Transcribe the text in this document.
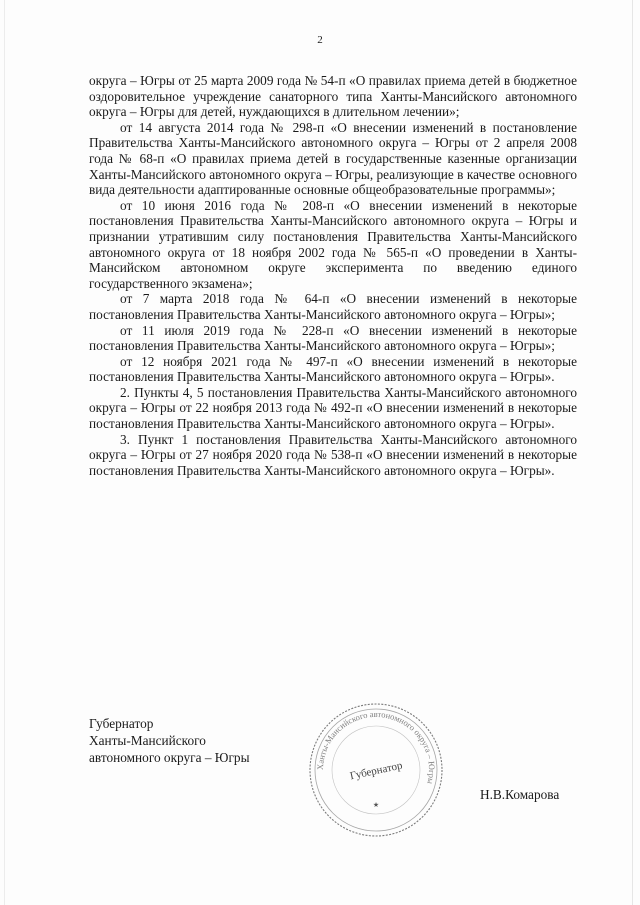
2

округа – Югры от 25 марта 2009 года № 54-п «О правилах приема детей в бюджетное оздоровительное учреждение санаторного типа Ханты-Мансийского автономного округа – Югры для детей, нуждающихся в длительном лечении»;

от 14 августа 2014 года № 298-п «О внесении изменений в постановление Правительства Ханты-Мансийского автономного округа – Югры от 2 апреля 2008 года № 68-п «О правилах приема детей в государственные казенные организации Ханты-Мансийского автономного округа – Югры, реализующие в качестве основного вида деятельности адаптированные основные общеобразовательные программы»;

от 10 июня 2016 года № 208-п «О внесении изменений в некоторые постановления Правительства Ханты-Мансийского автономного округа – Югры и признании утратившим силу постановления Правительства Ханты-Мансийского автономного округа от 18 ноября 2002 года № 565-п «О проведении в Ханты-Мансийском автономном округе эксперимента по введению единого государственного экзамена»;

от 7 марта 2018 года № 64-п «О внесении изменений в некоторые постановления Правительства Ханты-Мансийского автономного округа – Югры»;

от 11 июля 2019 года № 228-п «О внесении изменений в некоторые постановления Правительства Ханты-Мансийского автономного округа – Югры»;

от 12 ноября 2021 года № 497-п «О внесении изменений в некоторые постановления Правительства Ханты-Мансийского автономного округа – Югры».

2. Пункты 4, 5 постановления Правительства Ханты-Мансийского автономного округа – Югры от 22 ноября 2013 года № 492-п «О внесении изменений в некоторые постановления Правительства Ханты-Мансийского автономного округа – Югры».

3. Пункт 1 постановления Правительства Ханты-Мансийского автономного округа – Югры от 27 ноября 2020 года № 538-п «О внесении изменений в некоторые постановления Правительства Ханты-Мансийского автономного округа – Югры».

Губернатор
Ханты-Мансийского
автономного округа – Югры
Н.В.Комарова
Ханты-Мансийского автономного округа – Югры
Губернатор
★
